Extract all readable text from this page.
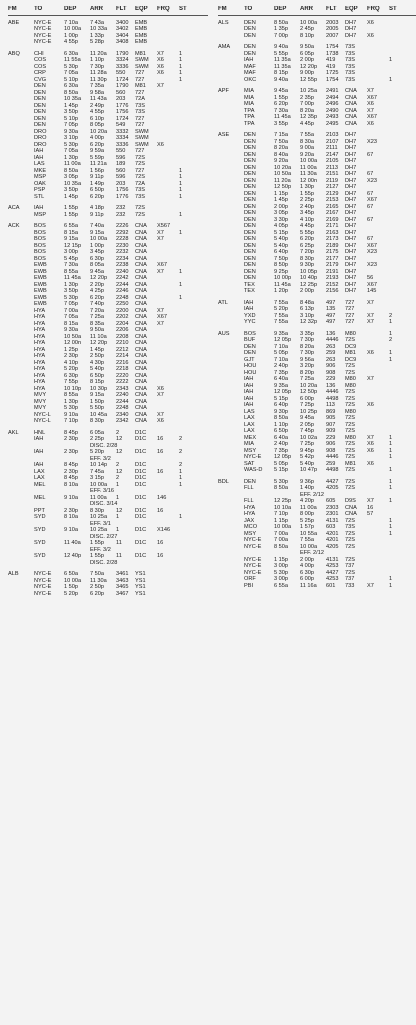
FM	TO	DEP	ARR	FLT	EQP	FRQ	ST
ABE	NYC-E	7 10a	7 43a	3400	EMB
NYC-E	10 00a	10 33a	3402	EMB
NYC-E	1 00p	1 33p	3404	EMB
NYC-E	4 55p	5 28p	3408	EMB
ABQ	CHI	6 30a	11 20a	1790	M81	X7	1
COS	11 55a	1 10p	3324	SWM	X6	1
COS	5 30p	7 30p	3336	SWM	X6	1
CRP	7 05a	11 28a	550	727	X6	1
CVG	5 10p	11 30p	1724	727	1
DEN	6 30a	7 35a	1790	M81	X7
DEN	8 50a	9 58a	560	727
DEN	10 35a	11 43a	203	72A
DEN	1 45p	2 49p	1776	73S
DEN	3 50p	4 55p	1756	73S
DEN	5 10p	6 10p	1724	727
DEN	7 05p	8 05p	549	727
DRO	9 30a	10 20a	3332	SWM
DRO	3 10p	4 00p	3334	SWM
DRO	5 30p	6 20p	3336	SWM	X6
IAH	7 05a	9 59a	550	727
IAH	1 30p	5 59p	596	72S
LAS	11 00a	11 21a	189	72S
MKE	8 50a	1 56p	560	727	1
MSP	3 05p	9 11p	596	72S	1
OAK	10 35a	1 49p	203	72A	1
PSP	3 50p	6 50p	1756	73S	1
STL	1 45p	6 20p	1776	73S	1
ACA	IAH	1 55p	4 18p	232	72S
MSP	1 55p	9 11p	232	72S	1
ACK	BOS	6 55a	7 40a	2226	CNA	X567
BOS	8 15a	9 15a	2292	CNA	X7	1
BOS	9 15a	10 00a	2228	CNA	X7
BOS	12 15p	1 00p	2230	CNA
BOS	3 00p	3 45p	2232	CNA
BOS	5 45p	6 30p	2234	CNA
EWB	7 30a	8 05a	2238	CNA	X67
EWB	8 55a	9 45a	2240	CNA	X7	1
EWB	11 45a	12 20p	2242	CNA
EWB	1 30p	2 20p	2244	CNA	1
EWB	3 50p	4 25p	2246	CNA
EWB	5 30p	6 20p	2248	CNA	1
EWB	7 05p	7 40p	2250	CNA
HYA	7 00a	7 20a	2200	CNA	X7
HYA	7 05a	7 25a	2202	CNA	X67
HYA	8 15a	8 35a	2204	CNA	X7
HYA	9 30a	9 50a	2206	CNA
HYA	10 50a	11 10a	2208	CNA
HYA	12 00n	12 20p	2210	CNA
HYA	1 25p	1 45p	2212	CNA
HYA	2 30p	2 50p	2214	CNA
HYA	4 10p	4 30p	2216	CNA
HYA	5 20p	5 40p	2218	CNA
HYA	6 30p	6 50p	2220	CNA
HYA	7 55p	8 15p	2222	CNA
HYA	10 10p	10 30p	2343	CNA	X6
MVY	8 55a	9 15a	2240	CNA	X7
MVY	1 30p	1 50p	2244	CNA
MVY	5 30p	5 50p	2248	CNA
NYC-L	9 10a	10 45a	2340	CNA	X7
NYC-L	7 10p	8 30p	2342	CNA	X6
AKL	HNL	8 45p	6 05a	2	D1C
IAH	2 30p	2 25p	12	D1C	16	2
DISC. 2/28
IAH	2 30p	5 20p	12	D1C	16	2
EFF. 3/2
IAH	8 45p	10 14p	2	D1C	2
LAX	2 30p	7 45a	12	D1C	16	1
LAX	8 45p	3 15p	2	D1C	1
MEL	8 10a	10 00a	1	D1C	1
EFF. 3/16
MEL	9 10a	11 00a	1	D1C	146
DISC. 3/14
PPT	2 30p	8 30p	12	D1C	16
SYD	8 10a	10 25a	1	D1C	1
EFF. 3/1
SYD	9 10a	10 25a	1	D1C	X146
DISC. 2/27
SYD	11 40a	1 55p	11	D1C	16
EFF. 3/2
SYD	12 40p	1 55p	11	D1C	16
DISC. 2/28
ALB	NYC-E	6 50a	7 50a	3461	YS1
NYC-E	10 00a	11 30a	3463	YS1
NYC-E	1 50p	2 50p	3465	YS1
NYC-E	5 20p	6 20p	3467	YS1
FM	TO	DEP	ARR	FLT	EQP	FRQ	ST
ALS	DEN	8 50a	10 00a	2003	DH7	X6
DEN	1 35p	2 45p	2005	DH7
DEN	7 00p	8 10p	2007	DH7	X6
AMA	DEN	9 40a	9 50a	1754	73S
DEN	5 55p	6 05p	1738	73S
IAH	11 35a	2 00p	419	73S	1
MAF	11 35a	12 20p	419	73S
MAF	8 15p	9 00p	1725	73S
OKC	9 40a	12 55p	1754	73S	1
APF	MIA	9 45a	10 25a	2491	CNA	X7
MIA	1 55p	2 35p	2494	CNA	X67
MIA	6 20p	7 00p	2496	CNA	X6
TPA	7 30a	8 20a	2490	CNA	X7
TPA	11 45a	12 35p	2493	CNA	X67
TPA	3 55p	4 45p	2495	CNA	X6
ASE	DEN	7 15a	7 55a	2103	DH7
DEN	7 50a	8 30a	2107	DH7	X23
DEN	8 20a	9 00a	2111	DH7
DEN	8 40a	9 20a	2147	DH7	67
DEN	9 20a	10 00a	2105	DH7
DEN	10 20a	11 00a	2113	DH7
DEN	10 50a	11 30a	2151	DH7	67
DEN	11 20a	12 00n	2119	DH7	X23
DEN	12 50p	1 30p	2127	DH7
DEN	1 15p	1 55p	2129	DH7	67
DEN	1 45p	2 25p	2153	DH7	X67
DEN	2 00p	2 40p	2165	DH7	67
DEN	3 05p	3 45p	2167	DH7
DEN	3 30p	4 10p	2169	DH7	67
DEN	4 05p	4 45p	2171	DH7
DEN	5 15p	5 55p	2163	DH7
DEN	5 40p	6 20p	2173	DH7	67
DEN	5 40p	6 25p	2189	DH7	X67
DEN	6 40p	7 20p	2175	DH7	X23
DEN	7 50p	8 30p	2177	DH7
DEN	8 50p	9 30p	2179	DH7	X23
DEN	9 25p	10 05p	2191	DH7
DEN	10 00p	10 40p	2193	DH7	56
TEX	11 45a	12 25p	2152	DH7	X67
TEX	1 20p	2 00p	2156	DH7	145
ATL	IAH	7 55a	8 48a	497	727	X7
IAH	5 20p	6 13p	135	727
YXD	7 55a	3 10p	497	727	X7	2
YYC	7 55a	12 32p	497	727	X7	1
AUS	BOS	9 35a	3 35p	136	M80	1
BUF	12 05p	7 30p	4446	72S	2
DEN	7 10a	8 20a	263	DC9
DEN	5 05p	7 30p	259	M81	X6	1
GJT	7 10a	9 56a	263	DC9	1
HOU	2 40p	3 20p	906	72S
HOU	7 35p	8 20p	908	72S
IAH	6 40a	7 25a	229	M80	X7
IAH	9 35a	10 20a	136	M80
IAH	12 05p	12 50p	4446	72S
IAH	5 15p	6 00p	4498	72S
IAH	6 40p	7 25p	113	72S	X6
LAS	9 30p	10 25p	869	M80
LAX	8 50a	9 45a	905	72S
LAX	1 10p	2 05p	907	72S
LAX	6 50p	7 45p	909	72S
MEX	6 40a	10 02a	229	M80	X7	1
MIA	2 40p	7 25p	906	72S	X6	1
MSY	7 35p	9 45p	908	72S	X6	1
NYC-E	12 05p	5 42p	4446	72S	1
SAT	5 05p	5 40p	259	M81	X6
WAS-D	5 15p	10 47p	4498	72S	1
BDL	DEN	5 30p	9 36p	4427	72S	1
FLL	8 50a	1 40p	4205	72S	1
EFF. 2/12
FLL	12 25p	4 20p	605	D9S	X7	1
HYA	10 10a	11 00a	2303	CNA	16
HYA	7 10p	8 00p	2301	CNA	57
JAX	1 15p	5 25p	4131	72S	1
MCO	10 00a	1 57p	603	73S	1
MSY	7 00a	10 55a	4201	72S	1
NYC-E	7 00a	7 55a	4201	72S
NYC-E	8 50a	10 00a	4205	72S
EFF. 2/12
NYC-E	1 15p	2 00p	4131	72S
NYC-E	3 00p	4 00p	4253	737
NYC-E	5 30p	6 30p	4427	72S
ORF	3 00p	6 00p	4253	737	1
PBI	6 55a	11 16a	601	733	X7	1
